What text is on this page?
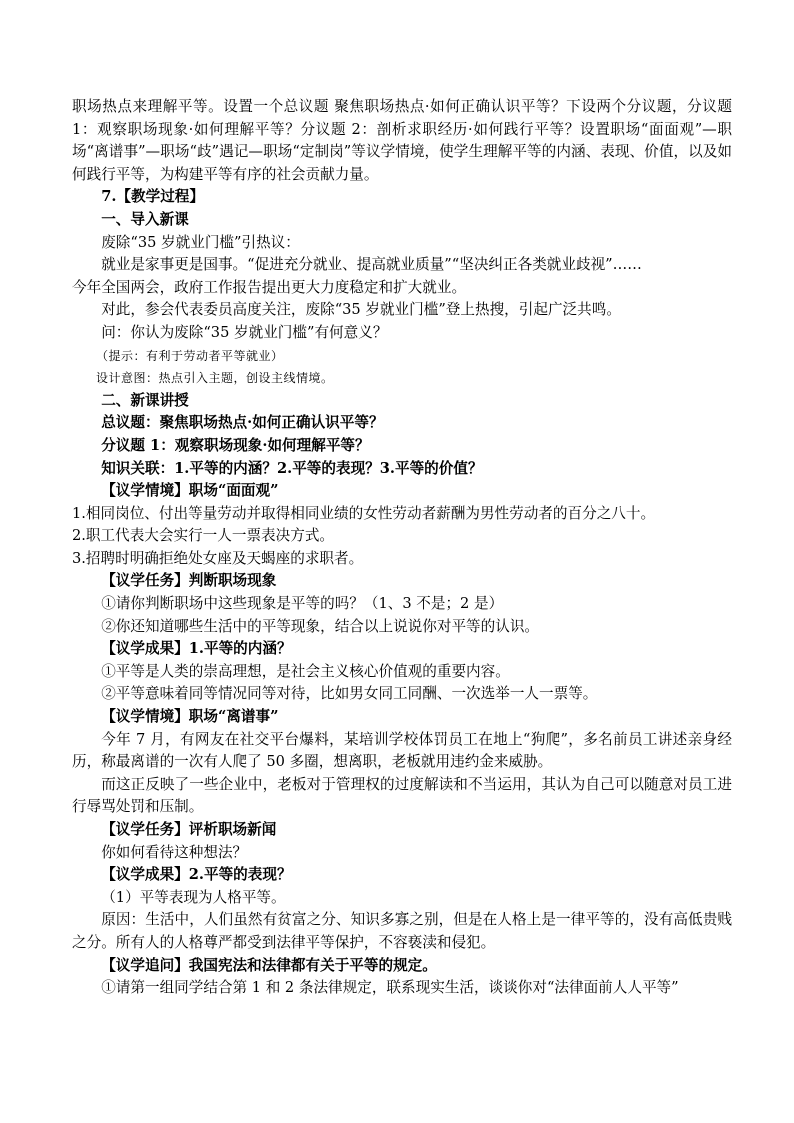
职场热点来理解平等。设置一个总议题 聚焦职场热点·如何正确认识平等？下设两个分议题，分议题 1：观察职场现象·如何理解平等？分议题 2：剖析求职经历·如何践行平等？设置职场“面面观”—职场“离谱事”—职场“歧”遇记—职场“定制岗”等议学情境，使学生理解平等的内涵、表现、价值，以及如何践行平等，为构建平等有序的社会贡献力量。

7.【教学过程】

一、导入新课

废除“35 岁就业门槛”引热议：

就业是家事更是国事。“促进充分就业、提高就业质量”“坚决纠正各类就业歧视”……

今年全国两会，政府工作报告提出更大力度稳定和扩大就业。

对此，参会代表委员高度关注，废除“35 岁就业门槛”登上热搜，引起广泛共鸣。

问：你认为废除“35 岁就业门槛”有何意义？

（提示：有利于劳动者平等就业）

设计意图：热点引入主题，创设主线情境。

二、新课讲授

总议题：聚焦职场热点·如何正确认识平等？

分议题 1：观察职场现象·如何理解平等？

知识关联：1.平等的内涵？2.平等的表现？3.平等的价值？

【议学情境】职场“面面观”

1.相同岗位、付出等量劳动并取得相同业绩的女性劳动者薪酬为男性劳动者的百分之八十。

2.职工代表大会实行一人一票表决方式。

3.招聘时明确拒绝处女座及天蝎座的求职者。

【议学任务】判断职场现象

①请你判断职场中这些现象是平等的吗？（1、3 不是；2 是）

②你还知道哪些生活中的平等现象，结合以上说说你对平等的认识。

【议学成果】1.平等的内涵？

①平等是人类的崇高理想，是社会主义核心价值观的重要内容。

②平等意味着同等情况同等对待，比如男女同工同酬、一次选举一人一票等。

【议学情境】职场“离谱事”

今年 7 月，有网友在社交平台爆料，某培训学校体罚员工在地上“狗爬”，多名前员工讲述亲身经历，称最离谱的一次有人爬了 50 多圈，想离职，老板就用违约金来威胁。

而这正反映了一些企业中，老板对于管理权的过度解读和不当运用，其认为自己可以随意对员工进行辱骂处罚和压制。

【议学任务】评析职场新闻

你如何看待这种想法？

【议学成果】2.平等的表现？

（1）平等表现为人格平等。

原因：生活中，人们虽然有贫富之分、知识多寡之别，但是在人格上是一律平等的，没有高低贵贱之分。所有人的人格尊严都受到法律平等保护，不容亵渎和侵犯。

【议学追问】我国宪法和法律都有关于平等的规定。

①请第一组同学结合第 1 和 2 条法律规定，联系现实生活，谈谈你对“法律面前人人平等”
